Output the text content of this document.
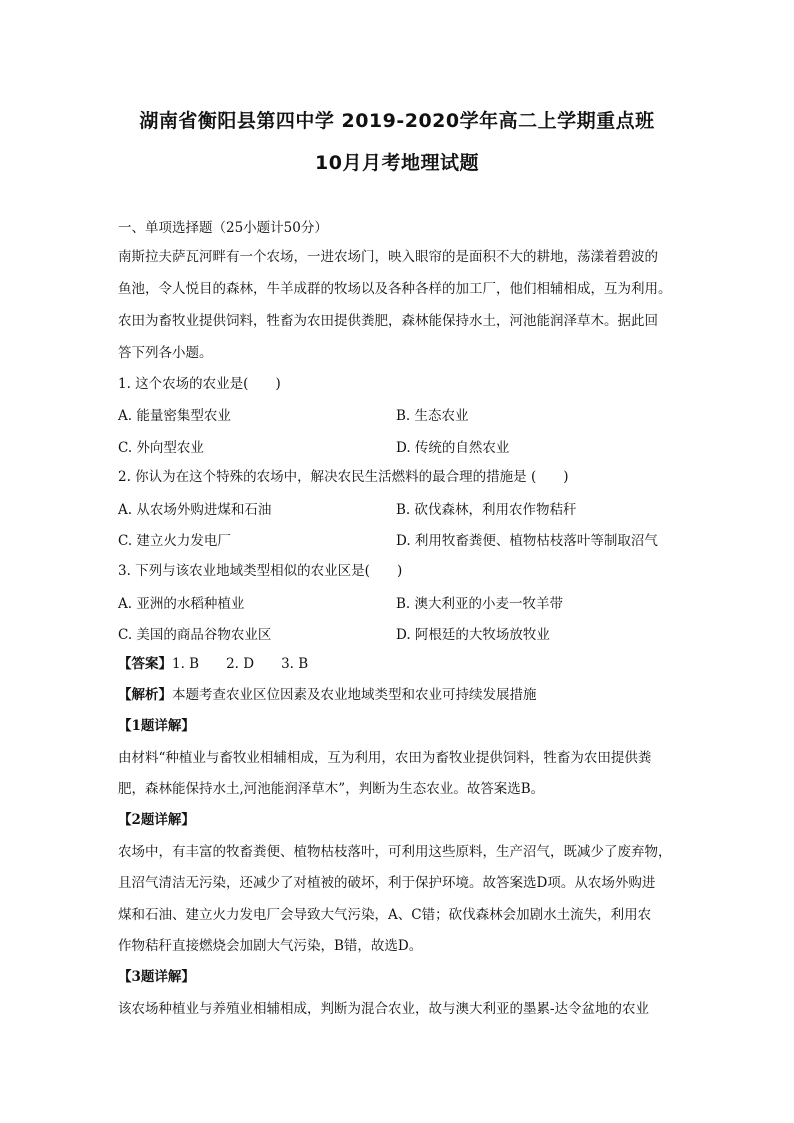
湖南省衡阳县第四中学 2019-2020学年高二上学期重点班
10月月考地理试题
一、单项选择题（25小题计50分）
南斯拉夫萨瓦河畔有一个农场，一进农场门，映入眼帘的是面积不大的耕地，荡漾着碧波的
鱼池，令人悦目的森林，牛羊成群的牧场以及各种各样的加工厂，他们相辅相成，互为利用。
农田为畜牧业提供饲料，牲畜为农田提供粪肥，森林能保持水土，河池能润泽草木。据此回
答下列各小题。
1. 这个农场的农业是(　　)
A. 能量密集型农业	B. 生态农业
C. 外向型农业	D. 传统的自然农业
2. 你认为在这个特殊的农场中，解决农民生活燃料的最合理的措施是 (　　)
A. 从农场外购进煤和石油	B. 砍伐森林，利用农作物秸秆
C. 建立火力发电厂	D. 利用牧畜粪便、植物枯枝落叶等制取沼气
3. 下列与该农业地域类型相似的农业区是(　　)
A. 亚洲的水稻种植业	B. 澳大利亚的小麦一牧羊带
C. 美国的商品谷物农业区	D. 阿根廷的大牧场放牧业
【答案】1. B　　2. D　　3. B
【解析】本题考查农业区位因素及农业地域类型和农业可持续发展措施
【1题详解】
由材料“种植业与畜牧业相辅相成，互为利用，农田为畜牧业提供饲料，牲畜为农田提供粪
肥，森林能保持水土,河池能润泽草木”，判断为生态农业。故答案选B。
【2题详解】
农场中，有丰富的牧畜粪便、植物枯枝落叶，可利用这些原料，生产沼气，既减少了废弃物，
且沼气清洁无污染，还减少了对植被的破坏，利于保护环境。故答案选D项。从农场外购进
煤和石油、建立火力发电厂会导致大气污染，A、C错；砍伐森林会加剧水土流失，利用农
作物秸秆直接燃烧会加剧大气污染，B错，故选D。
【3题详解】
该农场种植业与养殖业相辅相成，判断为混合农业，故与澳大利亚的墨累-达令盆地的农业
